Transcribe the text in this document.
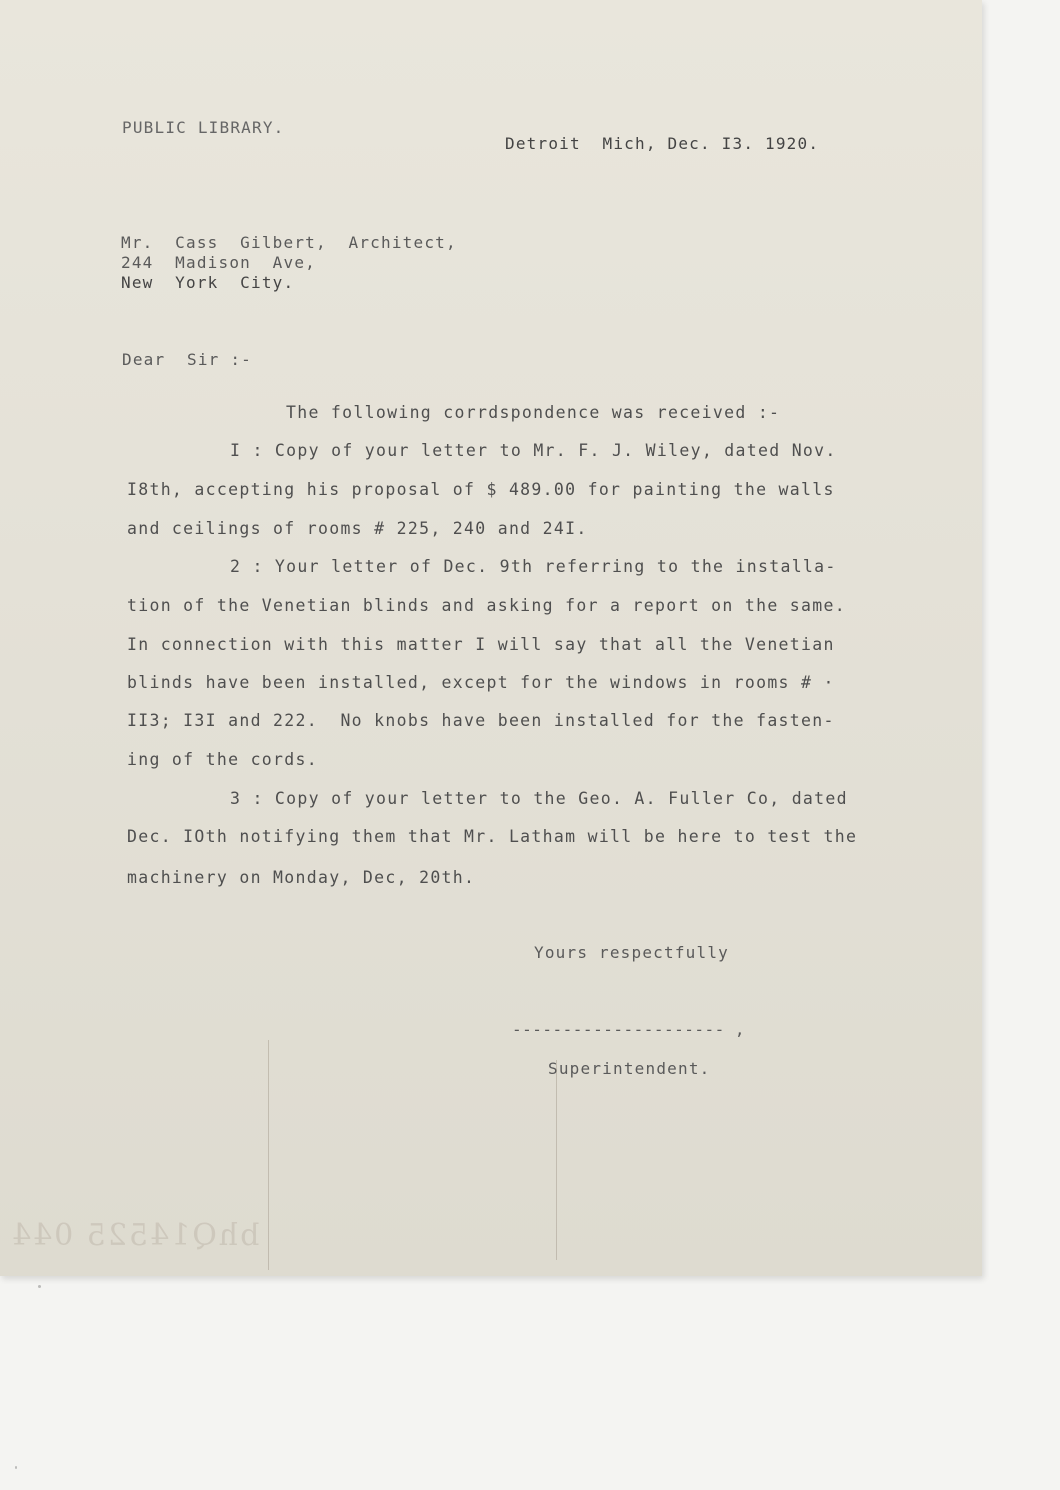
PUBLIC LIBRARY.

Detroit  Mich, Dec. I3. 1920.

Mr.  Cass  Gilbert,  Architect,

244  Madison  Ave,

New  York  City.

Dear  Sir :-

The following corrdspondence was received :-

I : Copy of your letter to Mr. F. J. Wiley, dated Nov.

I8th, accepting his proposal of $ 489.00 for painting the walls

and ceilings of rooms # 225, 240 and 24I.

2 : Your letter of Dec. 9th referring to the installa-

tion of the Venetian blinds and asking for a report on the same.

In connection with this matter I will say that all the Venetian

blinds have been installed, except for the windows in rooms # ·

II3; I3I and 222.  No knobs have been installed for the fasten-

ing of the cords.

3 : Copy of your letter to the Geo. A. Fuller Co, dated

Dec. IOth notifying them that Mr. Latham will be here to test the

machinery on Monday, Dec, 20th.

Yours respectfully

--------------------- ,

Superintendent.

bhQ14525 044
